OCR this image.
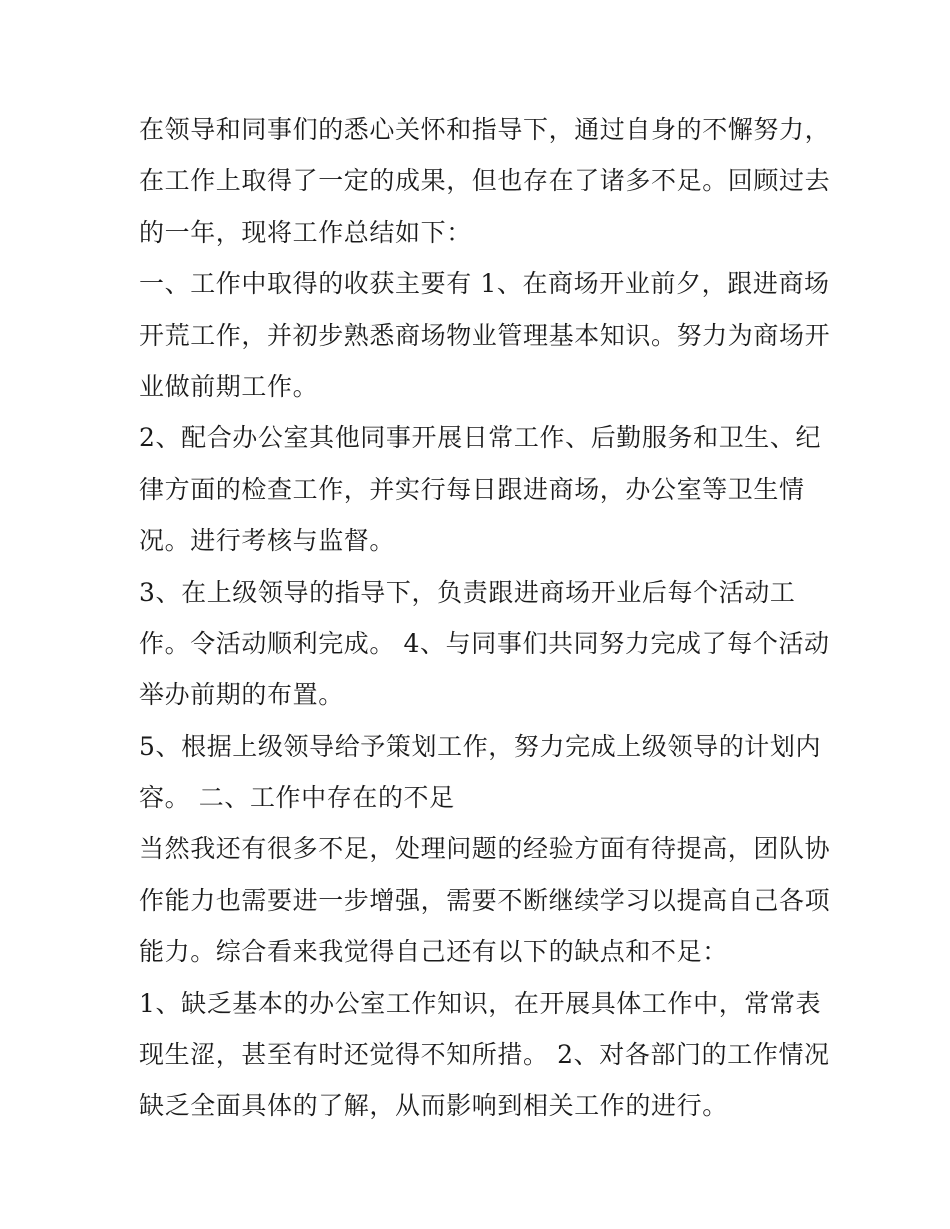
在领导和同事们的悉心关怀和指导下，通过自身的不懈努力，
在工作上取得了一定的成果，但也存在了诸多不足。回顾过去
的一年，现将工作总结如下：
一、工作中取得的收获主要有 1、在商场开业前夕，跟进商场
开荒工作，并初步熟悉商场物业管理基本知识。努力为商场开
业做前期工作。
2、配合办公室其他同事开展日常工作、后勤服务和卫生、纪
律方面的检查工作，并实行每日跟进商场，办公室等卫生情
况。进行考核与监督。
3、在上级领导的指导下，负责跟进商场开业后每个活动工
作。令活动顺利完成。 4、与同事们共同努力完成了每个活动
举办前期的布置。
5、根据上级领导给予策划工作，努力完成上级领导的计划内
容。 二、工作中存在的不足
当然我还有很多不足，处理问题的经验方面有待提高，团队协
作能力也需要进一步增强，需要不断继续学习以提高自己各项
能力。综合看来我觉得自己还有以下的缺点和不足：
1、缺乏基本的办公室工作知识，在开展具体工作中，常常表
现生涩，甚至有时还觉得不知所措。 2、对各部门的工作情况
缺乏全面具体的了解，从而影响到相关工作的进行。
